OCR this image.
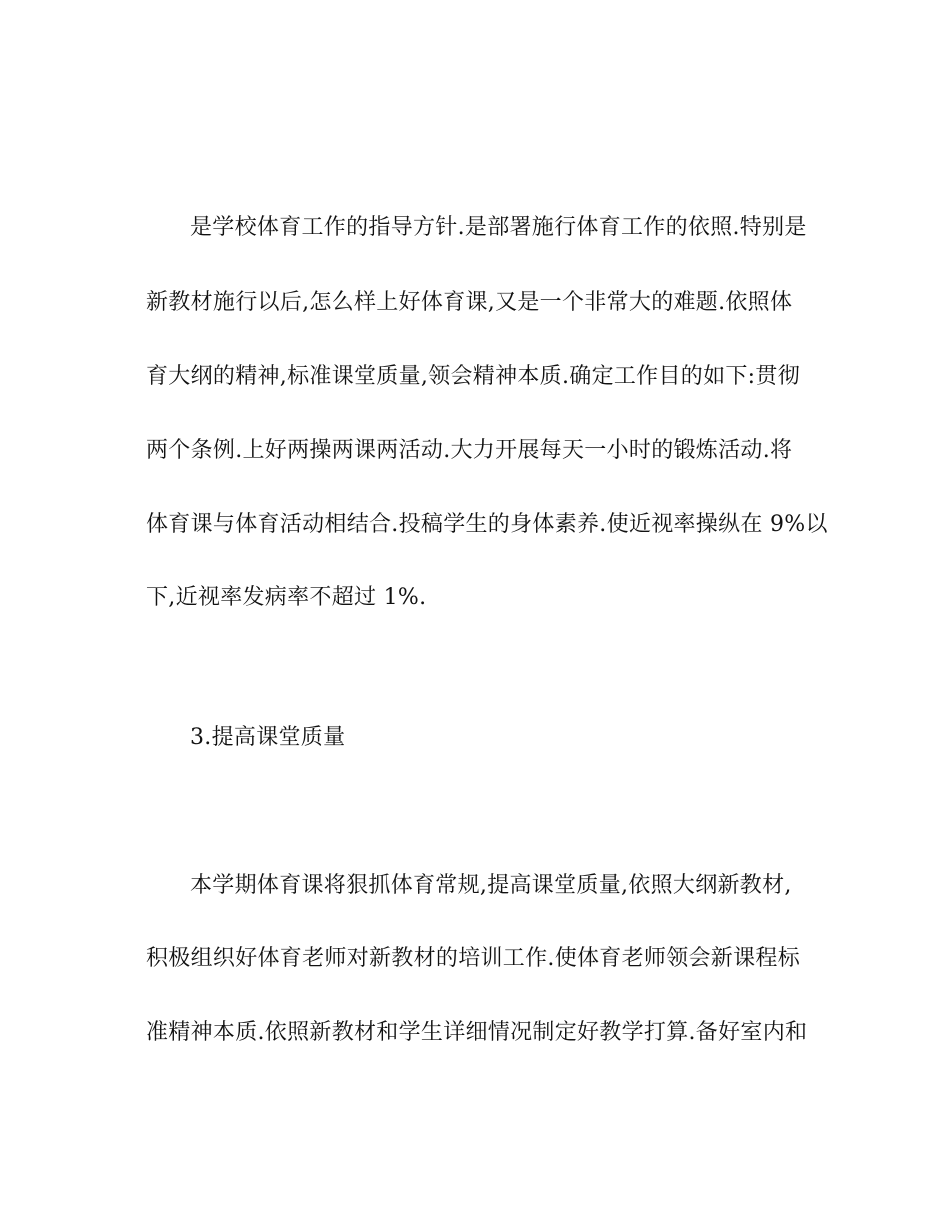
是学校体育工作的指导方针.是部署施行体育工作的依照.特别是
新教材施行以后,怎么样上好体育课,又是一个非常大的难题.依照体
育大纲的精神,标准课堂质量,领会精神本质.确定工作目的如下:贯彻
两个条例.上好两操两课两活动.大力开展每天一小时的锻炼活动.将
体育课与体育活动相结合.投稿学生的身体素养.使近视率操纵在 9%以
下,近视率发病率不超过 1%.
3.提高课堂质量
本学期体育课将狠抓体育常规,提高课堂质量,依照大纲新教材,
积极组织好体育老师对新教材的培训工作.使体育老师领会新课程标
准精神本质.依照新教材和学生详细情况制定好教学打算.备好室内和
